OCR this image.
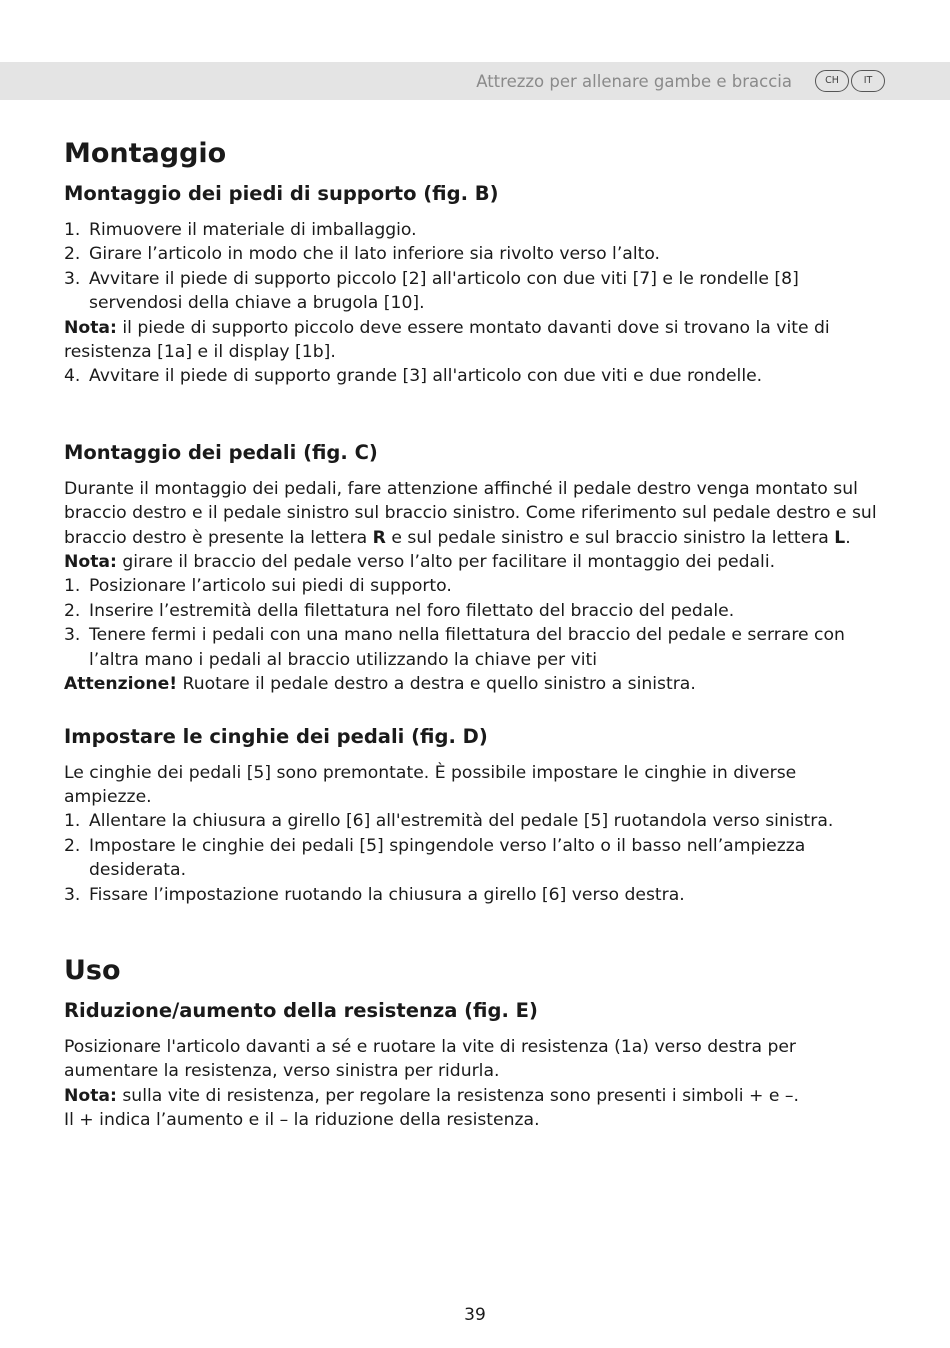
Attrezzo per allenare gambe e braccia	CH	IT
Montaggio
Montaggio dei piedi di supporto (fig. B)
1. Rimuovere il materiale di imballaggio.
2. Girare l’articolo in modo che il lato inferiore sia rivolto verso l’alto.
3. Avvitare il piede di supporto piccolo [2] all'articolo con due viti [7] e le rondelle [8] servendosi della chiave a brugola [10].

Nota: il piede di supporto piccolo deve essere montato davanti dove si trovano la vite di resistenza [1a] e il display [1b].

4. Avvitare il piede di supporto grande [3] all'articolo con due viti e due rondelle.
Montaggio dei pedali (fig. C)

Durante il montaggio dei pedali, fare attenzione affinché il pedale destro venga montato sul braccio destro e il pedale sinistro sul braccio sinistro. Come riferimento sul pedale destro e sul braccio destro è presente la lettera R e sul pedale sinistro e sul braccio sinistro la lettera L.

Nota: girare il braccio del pedale verso l’alto per facilitare il montaggio dei pedali.

1. Posizionare l’articolo sui piedi di supporto.
2. Inserire l’estremità della filettatura nel foro filettato del braccio del pedale.
3. Tenere fermi i pedali con una mano nella filettatura del braccio del pedale e serrare con l’altra mano i pedali al braccio utilizzando la chiave per viti

Attenzione! Ruotare il pedale destro a destra e quello sinistro a sinistra.

Impostare le cinghie dei pedali (fig. D)

Le cinghie dei pedali [5] sono premontate. È possibile impostare le cinghie in diverse ampiezze.

1. Allentare la chiusura a girello [6] all'estremità del pedale [5] ruotandola verso sinistra.
2. Impostare le cinghie dei pedali [5] spingendole verso l’alto o il basso nell’ampiezza desiderata.
3. Fissare l’impostazione ruotando la chiusura a girello [6] verso destra.
Uso
Riduzione/aumento della resistenza (fig. E)

Posizionare l'articolo davanti a sé e ruotare la vite di resistenza (1a) verso destra per aumentare la resistenza, verso sinistra per ridurla.

Nota: sulla vite di resistenza, per regolare la resistenza sono presenti i simboli + e –.

Il + indica l’aumento e il – la riduzione della resistenza.

39
